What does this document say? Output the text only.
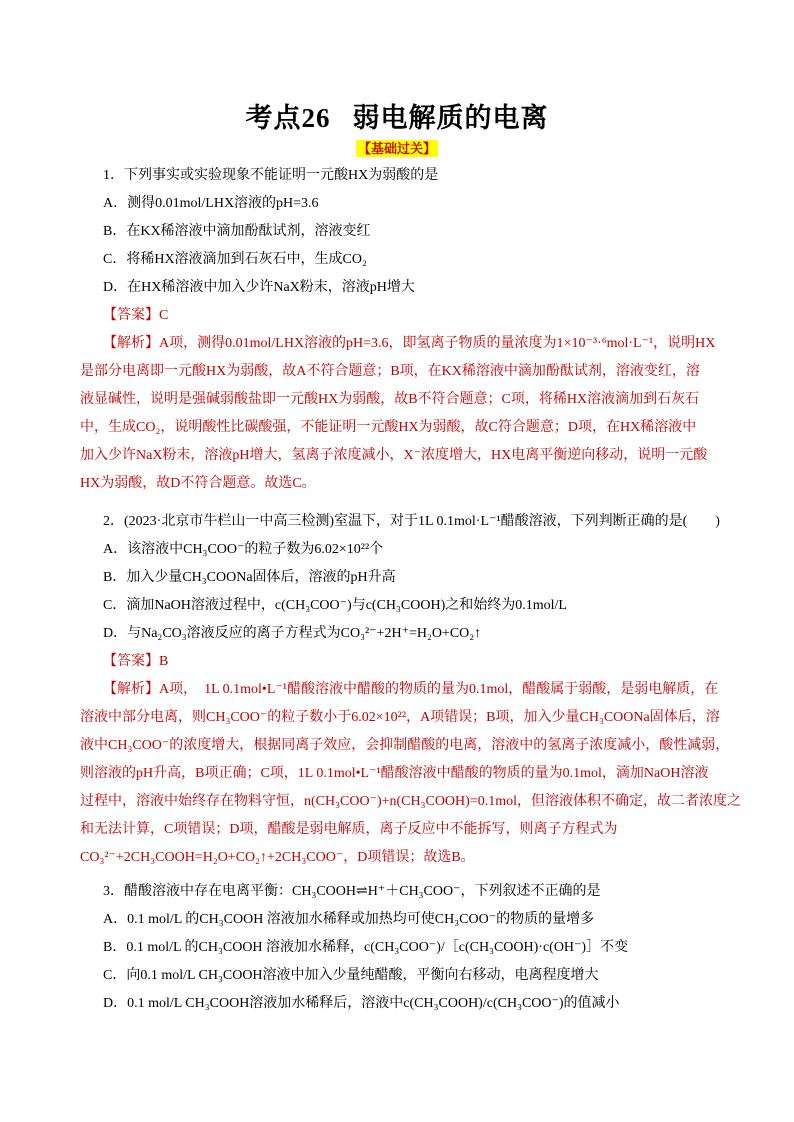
考点26 弱电解质的电离
【基础过关】
1．下列事实或实验现象不能证明一元酸HX为弱酸的是
A．测得0.01mol/LHX溶液的pH=3.6
B．在KX稀溶液中滴加酚酞试剂，溶液变红
C．将稀HX溶液滴加到石灰石中，生成CO₂
D．在HX稀溶液中加入少许NaX粉末，溶液pH增大
【答案】C
【解析】A项，测得0.01mol/LHX溶液的pH=3.6，即氢离子物质的量浓度为1×10⁻³·⁶mol·L⁻¹，说明HX
是部分电离即一元酸HX为弱酸，故A不符合题意；B项，在KX稀溶液中滴加酚酞试剂，溶液变红，溶
液显碱性，说明是强碱弱酸盐即一元酸HX为弱酸，故B不符合题意；C项，将稀HX溶液滴加到石灰石
中，生成CO₂，说明酸性比碳酸强，不能证明一元酸HX为弱酸，故C符合题意；D项，在HX稀溶液中
加入少许NaX粉末，溶液pH增大，氢离子浓度减小，X⁻浓度增大，HX电离平衡逆向移动，说明一元酸
HX为弱酸，故D不符合题意。故选C。
2．(2023·北京市牛栏山一中高三检测)室温下，对于1L 0.1mol·L⁻¹醋酸溶液，下列判断正确的是(　　)
A．该溶液中CH₃COO⁻的粒子数为6.02×10²²个
B．加入少量CH₃COONa固体后，溶液的pH升高
C．滴加NaOH溶液过程中，c(CH₃COO⁻)与c(CH₃COOH)之和始终为0.1mol/L
D．与Na₂CO₃溶液反应的离子方程式为CO₃²⁻+2H⁺=H₂O+CO₂↑
【答案】B
【解析】A项，　1L 0.1mol•L⁻¹醋酸溶液中醋酸的物质的量为0.1mol，醋酸属于弱酸，是弱电解质，在
溶液中部分电离，则CH₃COO⁻的粒子数小于6.02×10²²，A项错误；B项，加入少量CH₃COONa固体后，溶
液中CH₃COO⁻的浓度增大，根据同离子效应，会抑制醋酸的电离，溶液中的氢离子浓度减小，酸性减弱，
则溶液的pH升高，B项正确；C项，1L 0.1mol•L⁻¹醋酸溶液中醋酸的物质的量为0.1mol，滴加NaOH溶液
过程中，溶液中始终存在物料守恒，n(CH₃COO⁻)+n(CH₃COOH)=0.1mol，但溶液体积不确定，故二者浓度之
和无法计算，C项错误；D项，醋酸是弱电解质，离子反应中不能拆写，则离子方程式为
CO₃²⁻+2CH₃COOH=H₂O+CO₂↑+2CH₃COO⁻，D项错误；故选B。
3．醋酸溶液中存在电离平衡：CH₃COOH⇌H⁺＋CH₃COO⁻，下列叙述不正确的是
A．0.1 mol/L 的CH₃COOH 溶液加水稀释或加热均可使CH₃COO⁻的物质的量增多
B．0.1 mol/L 的CH₃COOH 溶液加水稀释，c(CH₃COO⁻)/［c(CH₃COOH)·c(OH⁻)］不变
C．向0.1 mol/L CH₃COOH溶液中加入少量纯醋酸，平衡向右移动，电离程度增大
D．0.1 mol/L CH₃COOH溶液加水稀释后，溶液中c(CH₃COOH)/c(CH₃COO⁻)的值减小
